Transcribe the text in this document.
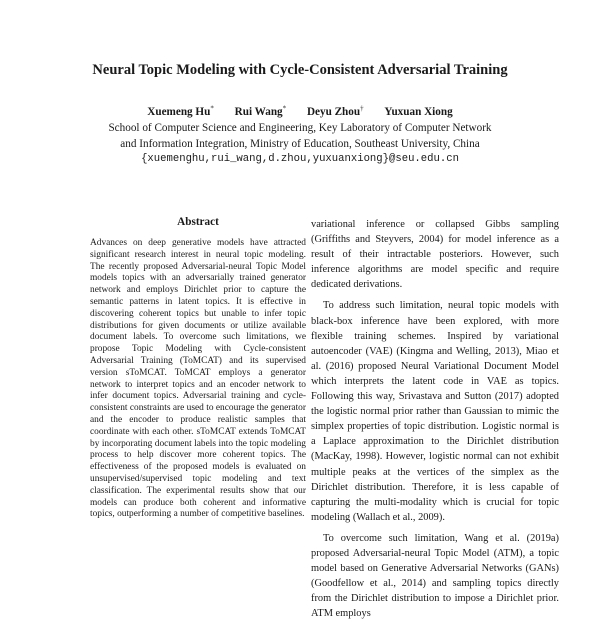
Neural Topic Modeling with Cycle-Consistent Adversarial Training
Xuemeng Hu* Rui Wang* Deyu Zhou† Yuxuan Xiong
School of Computer Science and Engineering, Key Laboratory of Computer Network
and Information Integration, Ministry of Education, Southeast University, China
{xuemenghu,rui_wang,d.zhou,yuxuanxiong}@seu.edu.cn
Abstract
Advances on deep generative models have attracted significant research interest in neural topic modeling. The recently proposed Adversarial-neural Topic Model models topics with an adversarially trained generator network and employs Dirichlet prior to capture the semantic patterns in latent topics. It is effective in discovering coherent topics but unable to infer topic distributions for given documents or utilize available document labels. To overcome such limitations, we propose Topic Modeling with Cycle-consistent Adversarial Training (ToMCAT) and its supervised version sToMCAT. ToMCAT employs a generator network to interpret topics and an encoder network to infer document topics. Adversarial training and cycle-consistent constraints are used to encourage the generator and the encoder to produce realistic samples that coordinate with each other. sToMCAT extends ToMCAT by incorporating document labels into the topic modeling process to help discover more coherent topics. The effectiveness of the proposed models is evaluated on unsupervised/supervised topic modeling and text classification. The experimental results show that our models can produce both coherent and informative topics, outperforming a number of competitive baselines.

variational inference or collapsed Gibbs sampling (Griffiths and Steyvers, 2004) for model inference as a result of their intractable posteriors. However, such inference algorithms are model specific and require dedicated derivations.

To address such limitation, neural topic models with black-box inference have been explored, with more flexible training schemes. Inspired by variational autoencoder (VAE) (Kingma and Welling, 2013), Miao et al. (2016) proposed Neural Variational Document Model which interprets the latent code in VAE as topics. Following this way, Srivastava and Sutton (2017) adopted the logistic normal prior rather than Gaussian to mimic the simplex properties of topic distribution. Logistic normal is a Laplace approximation to the Dirichlet distribution (MacKay, 1998). However, logistic normal can not exhibit multiple peaks at the vertices of the simplex as the Dirichlet distribution. Therefore, it is less capable of capturing the multi-modality which is crucial for topic modeling (Wallach et al., 2009).

To overcome such limitation, Wang et al. (2019a) proposed Adversarial-neural Topic Model (ATM), a topic model based on Generative Adversarial Networks (GANs) (Goodfellow et al., 2014) and sampling topics directly from the Dirichlet distribution to impose a Dirichlet prior. ATM employs
